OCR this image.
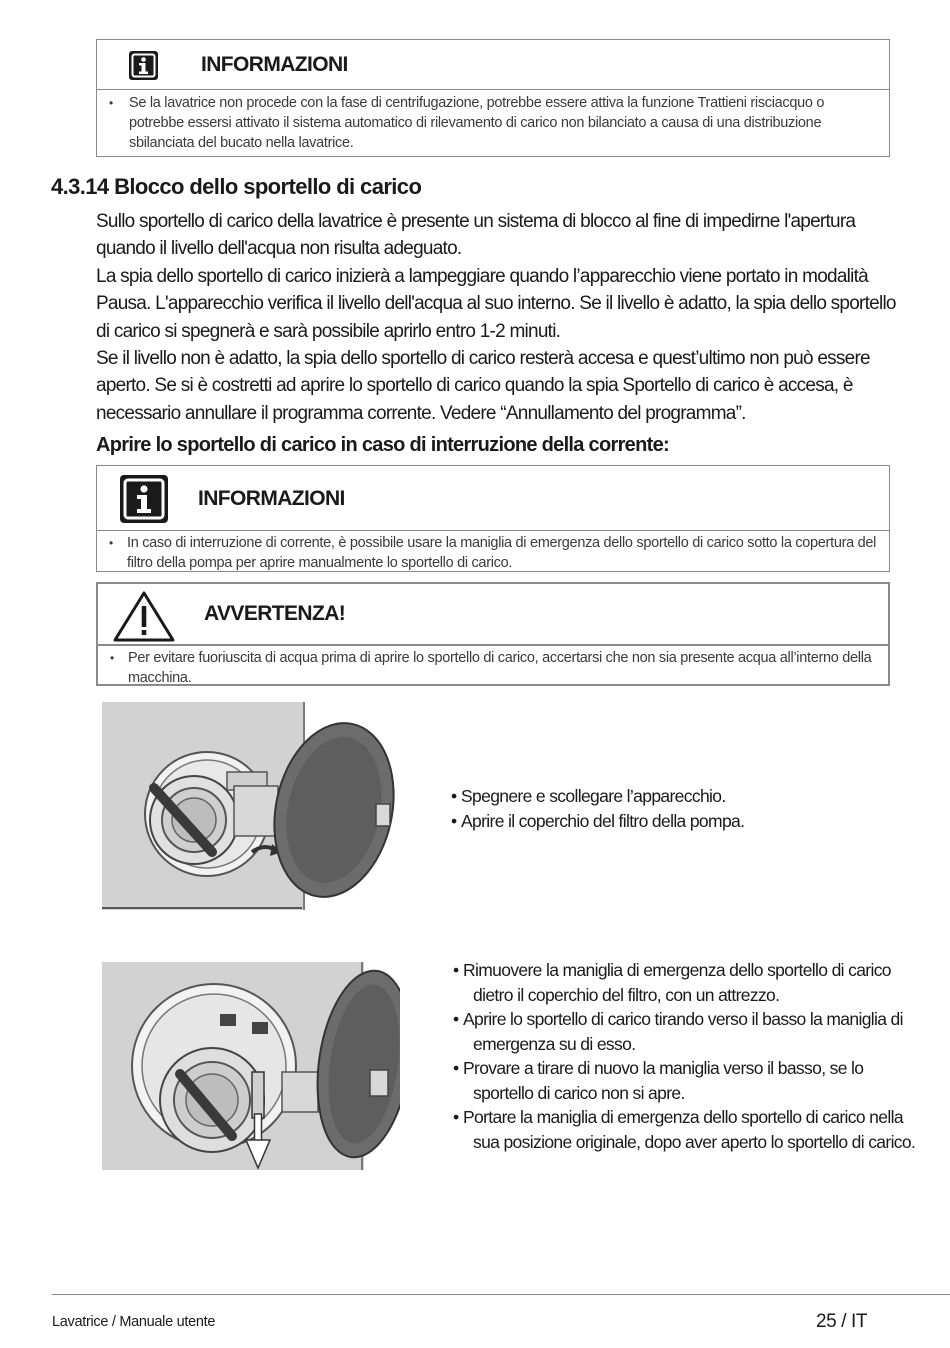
INFORMAZIONI
•	Se la lavatrice non procede con la fase di centrifugazione, potrebbe essere attiva la funzione Trattieni risciacquo o potrebbe essersi attivato il sistema automatico di rilevamento di carico non bilanciato a causa di una distribuzione sbilanciata del bucato nella lavatrice.
4.3.14 Blocco dello sportello di carico
Sullo sportello di carico della lavatrice è presente un sistema di blocco al fine di impedirne l'apertura quando il livello dell'acqua non risulta adeguato.
La spia dello sportello di carico inizierà a lampeggiare quando l’apparecchio viene portato in modalità Pausa. L'apparecchio verifica il livello dell'acqua al suo interno. Se il livello è adatto, la spia dello sportello di carico si spegnerà e sarà possibile aprirlo entro 1-2 minuti.
Se il livello non è adatto, la spia dello sportello di carico resterà accesa e quest’ultimo non può essere aperto. Se si è costretti ad aprire lo sportello di carico quando la spia Sportello di carico è accesa, è necessario annullare il programma corrente. Vedere “Annullamento del programma”.
Aprire lo sportello di carico in caso di interruzione della corrente:
INFORMAZIONI
• In caso di interruzione di corrente, è possibile usare la maniglia di emergenza dello sportello di carico sotto la copertura del filtro della pompa per aprire manualmente lo sportello di carico.
AVVERTENZA!
• Per evitare fuoriuscita di acqua prima di aprire lo sportello di carico, accertarsi che non sia presente acqua all’interno della macchina.
• Spegnere e scollegare l’apparecchio.
• Aprire il coperchio del filtro della pompa.
• Rimuovere la maniglia di emergenza dello sportello di carico
dietro il coperchio del filtro, con un attrezzo.
• Aprire lo sportello di carico tirando verso il basso la maniglia di
emergenza su di esso.
• Provare a tirare di nuovo la maniglia verso il basso, se lo
sportello di carico non si apre.
• Portare la maniglia di emergenza dello sportello di carico nella
sua posizione originale, dopo aver aperto lo sportello di carico.
Lavatrice / Manuale utente	25 / IT
